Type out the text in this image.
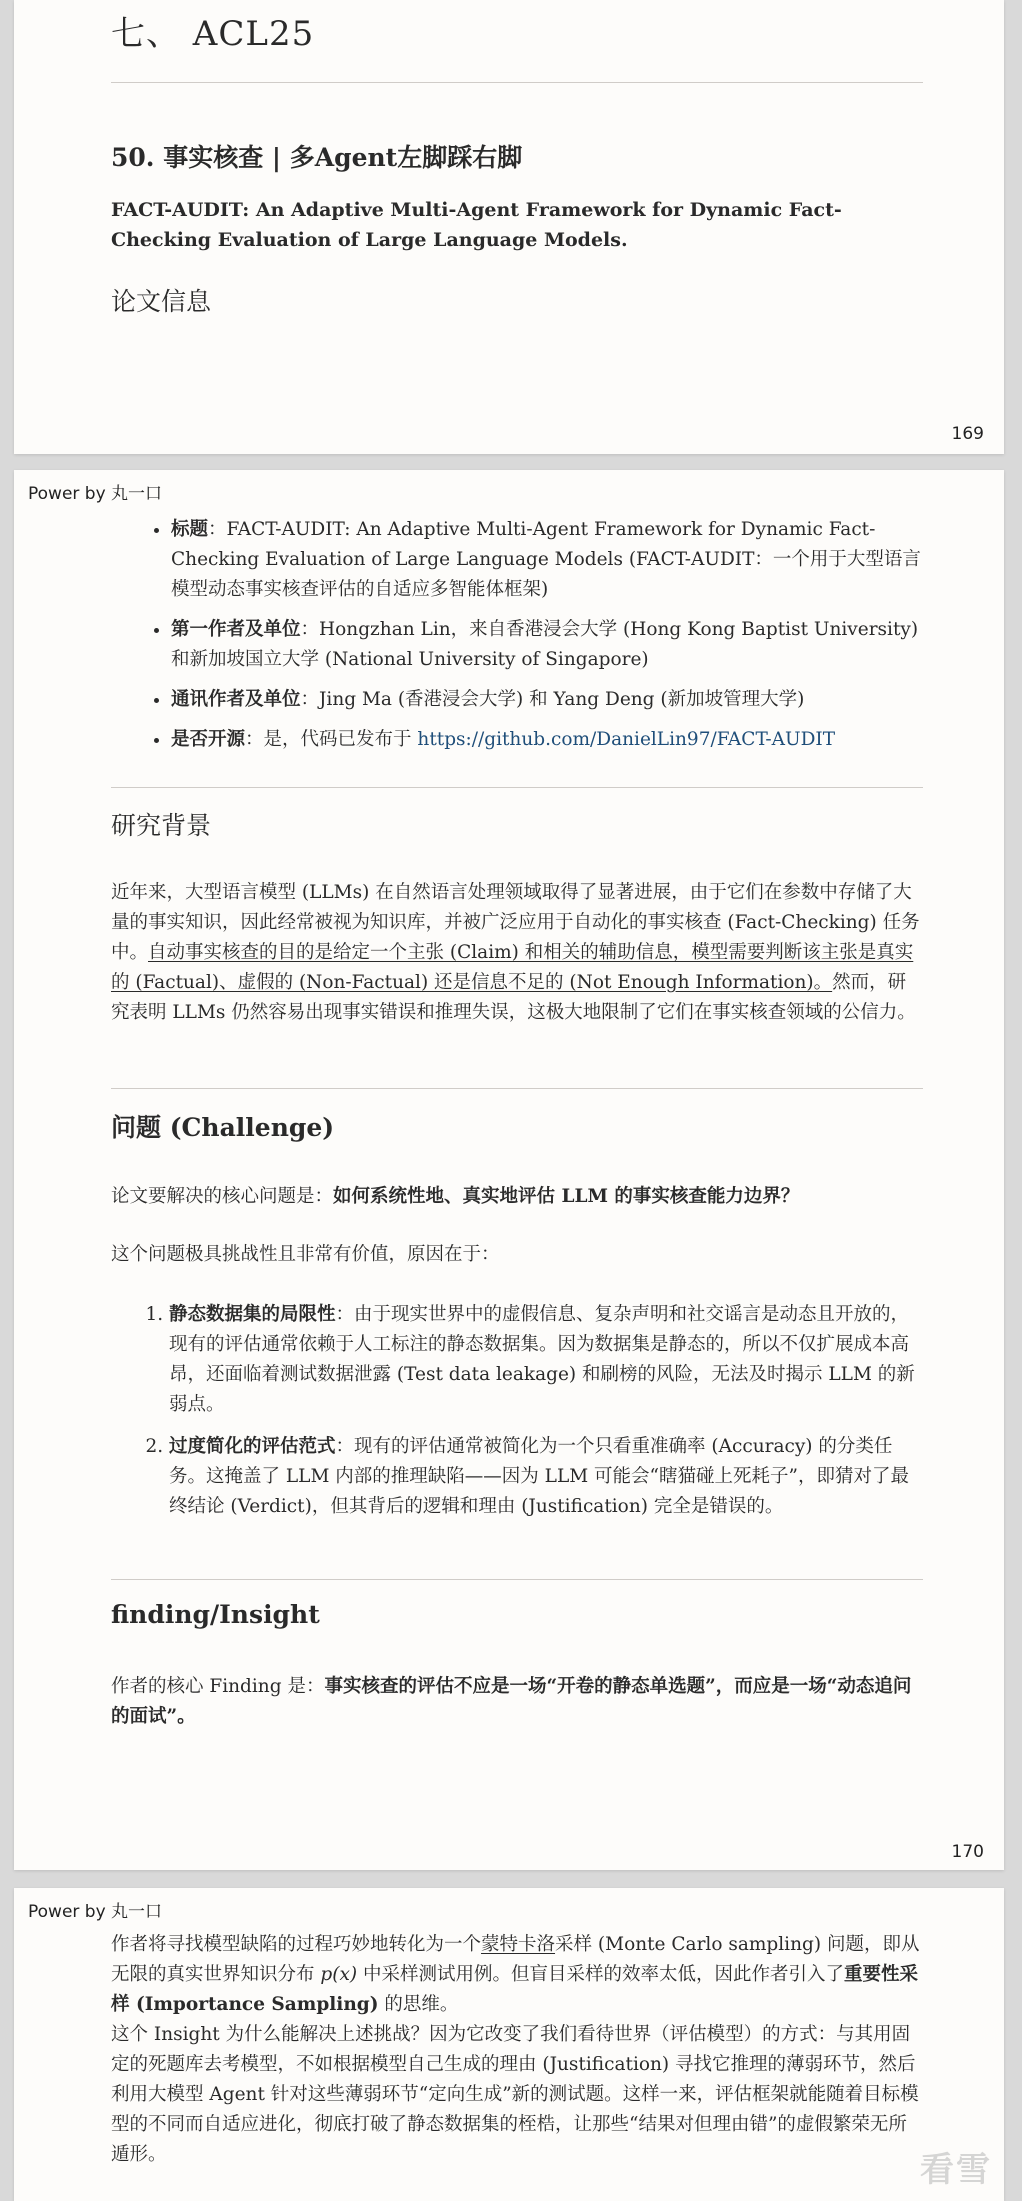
七、 ACL25
50. 事实核查 | 多Agent左脚踩右脚

FACT-AUDIT: An Adaptive Multi-Agent Framework for Dynamic Fact-Checking Evaluation of Large Language Models.

论文信息
169
Power by 丸一口
• 标题：FACT-AUDIT: An Adaptive Multi-Agent Framework for Dynamic Fact-Checking Evaluation of Large Language Models (FACT-AUDIT：一个用于大型语言模型动态事实核查评估的自适应多智能体框架)
• 第一作者及单位：Hongzhan Lin，来自香港浸会大学 (Hong Kong Baptist University) 和新加坡国立大学 (National University of Singapore)
• 通讯作者及单位：Jing Ma (香港浸会大学) 和 Yang Deng (新加坡管理大学)
• 是否开源：是，代码已发布于 https://github.com/DanielLin97/FACT-AUDIT
研究背景

近年来，大型语言模型 (LLMs) 在自然语言处理领域取得了显著进展，由于它们在参数中存储了大量的事实知识，因此经常被视为知识库，并被广泛应用于自动化的事实核查 (Fact-Checking) 任务中。自动事实核查的目的是给定一个主张 (Claim) 和相关的辅助信息，模型需要判断该主张是真实的 (Factual)、虚假的 (Non-Factual) 还是信息不足的 (Not Enough Information)。然而，研究表明 LLMs 仍然容易出现事实错误和推理失误，这极大地限制了它们在事实核查领域的公信力。

问题 (Challenge)

论文要解决的核心问题是：如何系统性地、真实地评估 LLM 的事实核查能力边界？

这个问题极具挑战性且非常有价值，原因在于：

1. 静态数据集的局限性：由于现实世界中的虚假信息、复杂声明和社交谣言是动态且开放的，现有的评估通常依赖于人工标注的静态数据集。因为数据集是静态的，所以不仅扩展成本高昂，还面临着测试数据泄露 (Test data leakage) 和刷榜的风险，无法及时揭示 LLM 的新弱点。
2. 过度简化的评估范式：现有的评估通常被简化为一个只看重准确率 (Accuracy) 的分类任务。这掩盖了 LLM 内部的推理缺陷——因为 LLM 可能会“瞎猫碰上死耗子”，即猜对了最终结论 (Verdict)，但其背后的逻辑和理由 (Justification) 完全是错误的。
finding/Insight

作者的核心 Finding 是：事实核查的评估不应是一场“开卷的静态单选题”，而应是一场“动态追问的面试”。

170
Power by 丸一口

作者将寻找模型缺陷的过程巧妙地转化为一个蒙特卡洛采样 (Monte Carlo sampling) 问题，即从无限的真实世界知识分布 p(x) 中采样测试用例。但盲目采样的效率太低，因此作者引入了重要性采样 (Importance Sampling) 的思维。

这个 Insight 为什么能解决上述挑战？因为它改变了我们看待世界（评估模型）的方式：与其用固定的死题库去考模型，不如根据模型自己生成的理由 (Justification) 寻找它推理的薄弱环节，然后利用大模型 Agent 针对这些薄弱环节“定向生成”新的测试题。这样一来，评估框架就能随着目标模型的不同而自适应进化，彻底打破了静态数据集的桎梏，让那些“结果对但理由错”的虚假繁荣无所遁形。	看雪
